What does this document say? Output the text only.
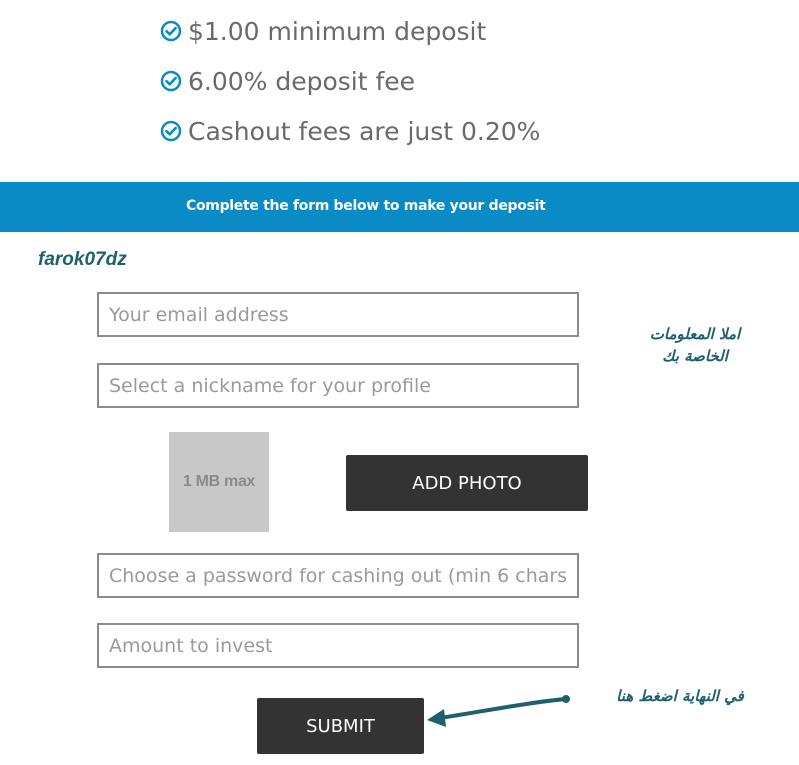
$1.00 minimum deposit
6.00% deposit fee
Cashout fees are just 0.20%
Complete the form below to make your deposit
farok07dz
Your email address
Select a nickname for your profile
1 MB max	ADD PHOTO
Amount to invest
SUBMIT
املا المعلومات
الخاصة بك
في النهاية اضغط هنا
